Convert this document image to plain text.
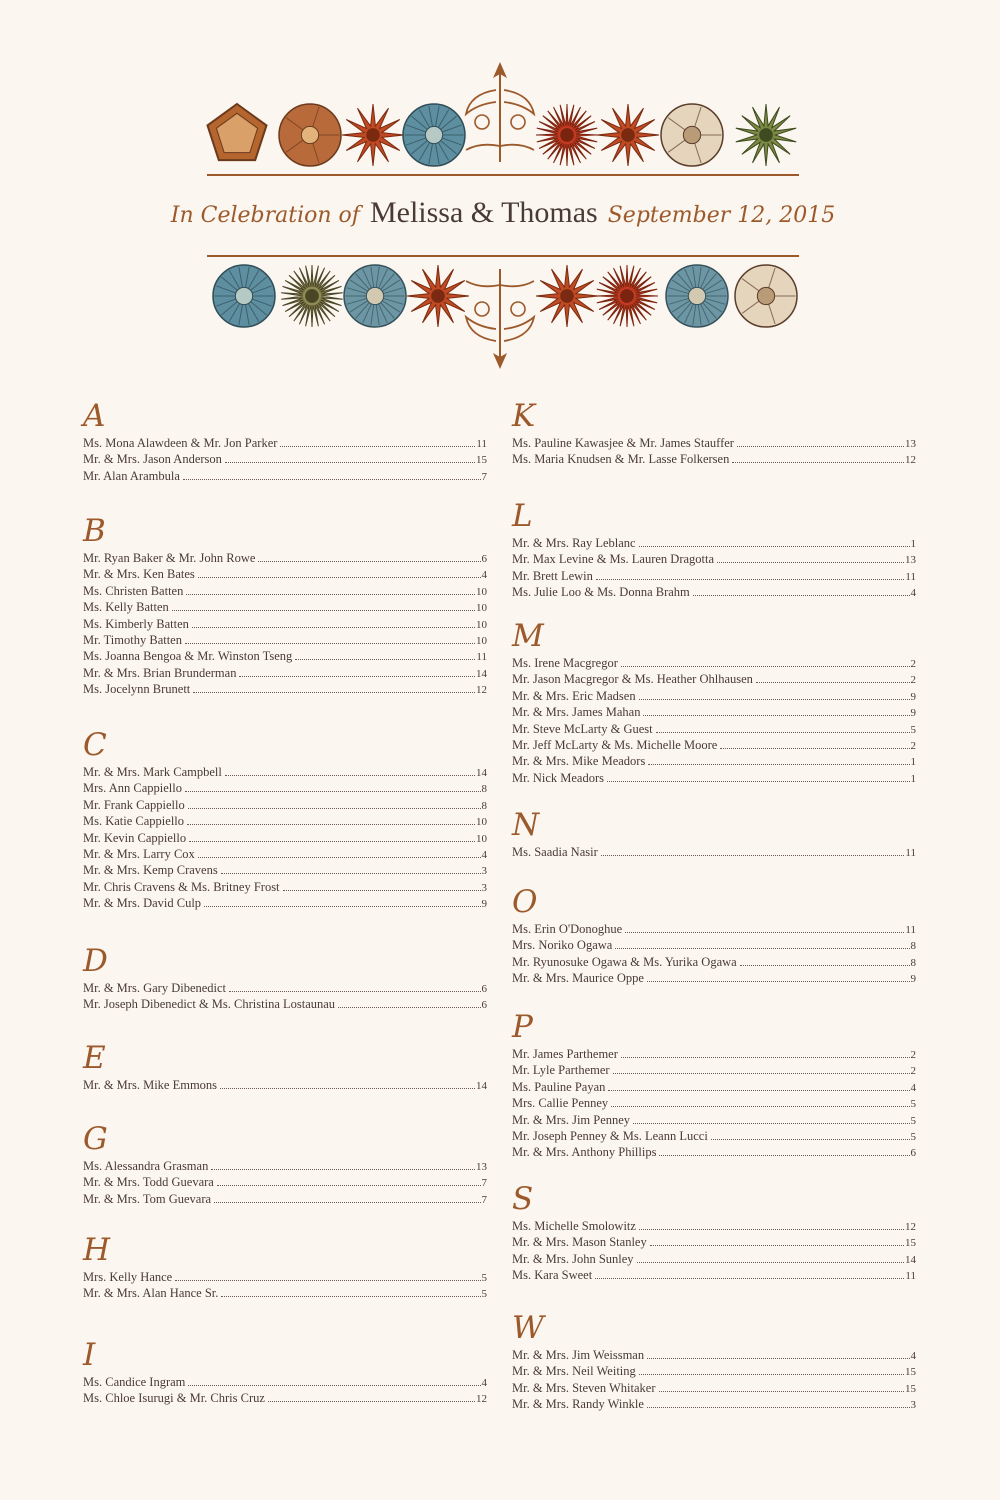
In Celebration of Melissa & Thomas September 12, 2015
A
Ms. Mona Alawdeen & Mr. Jon Parker	11
Mr. & Mrs. Jason Anderson	15
Mr. Alan Arambula	7
B
Mr. Ryan Baker & Mr. John Rowe	6
Mr. & Mrs. Ken Bates	4
Ms. Christen Batten	10
Ms. Kelly Batten	10
Ms. Kimberly Batten	10
Mr. Timothy Batten	10
Ms. Joanna Bengoa & Mr. Winston Tseng	11
Mr. & Mrs. Brian Brunderman	14
Ms. Jocelynn Brunett	12
C
Mr. & Mrs. Mark Campbell	14
Mrs. Ann Cappiello	8
Mr. Frank Cappiello	8
Ms. Katie Cappiello	10
Mr. Kevin Cappiello	10
Mr. & Mrs. Larry Cox	4
Mr. & Mrs. Kemp Cravens	3
Mr. Chris Cravens & Ms. Britney Frost	3
Mr. & Mrs. David Culp	9
D
Mr. & Mrs. Gary Dibenedict	6
Mr. Joseph Dibenedict & Ms. Christina Lostaunau	6
E
Mr. & Mrs. Mike Emmons	14
G
Ms. Alessandra Grasman	13
Mr. & Mrs. Todd Guevara	7
Mr. & Mrs. Tom Guevara	7
H
Mrs. Kelly Hance	5
Mr. & Mrs. Alan Hance Sr.	5
I
Ms. Candice Ingram	4
Ms. Chloe Isurugi & Mr. Chris Cruz	12
K
Ms. Pauline Kawasjee & Mr. James Stauffer	13
Ms. Maria Knudsen & Mr. Lasse Folkersen	12
L
Mr. & Mrs. Ray Leblanc	1
Mr. Max Levine & Ms. Lauren Dragotta	13
Mr. Brett Lewin	11
Ms. Julie Loo & Ms. Donna Brahm	4
M
Ms. Irene Macgregor	2
Mr. Jason Macgregor & Ms. Heather Ohlhausen	2
Mr. & Mrs. Eric Madsen	9
Mr. & Mrs. James Mahan	9
Mr. Steve McLarty & Guest	5
Mr. Jeff McLarty & Ms. Michelle Moore	2
Mr. & Mrs. Mike Meadors	1
Mr. Nick Meadors	1
N
Ms. Saadia Nasir	11
O
Ms. Erin O'Donoghue	11
Mrs. Noriko Ogawa	8
Mr. Ryunosuke Ogawa & Ms. Yurika Ogawa	8
Mr. & Mrs. Maurice Oppe	9
P
Mr. James Parthemer	2
Mr. Lyle Parthemer	2
Ms. Pauline Payan	4
Mrs. Callie Penney	5
Mr. & Mrs. Jim Penney	5
Mr. Joseph Penney & Ms. Leann Lucci	5
Mr. & Mrs. Anthony Phillips	6
S
Ms. Michelle Smolowitz	12
Mr. & Mrs. Mason Stanley	15
Mr. & Mrs. John Sunley	14
Ms. Kara Sweet	11
W
Mr. & Mrs. Jim Weissman	4
Mr. & Mrs. Neil Weiting	15
Mr. & Mrs. Steven Whitaker	15
Mr. & Mrs. Randy Winkle	3
